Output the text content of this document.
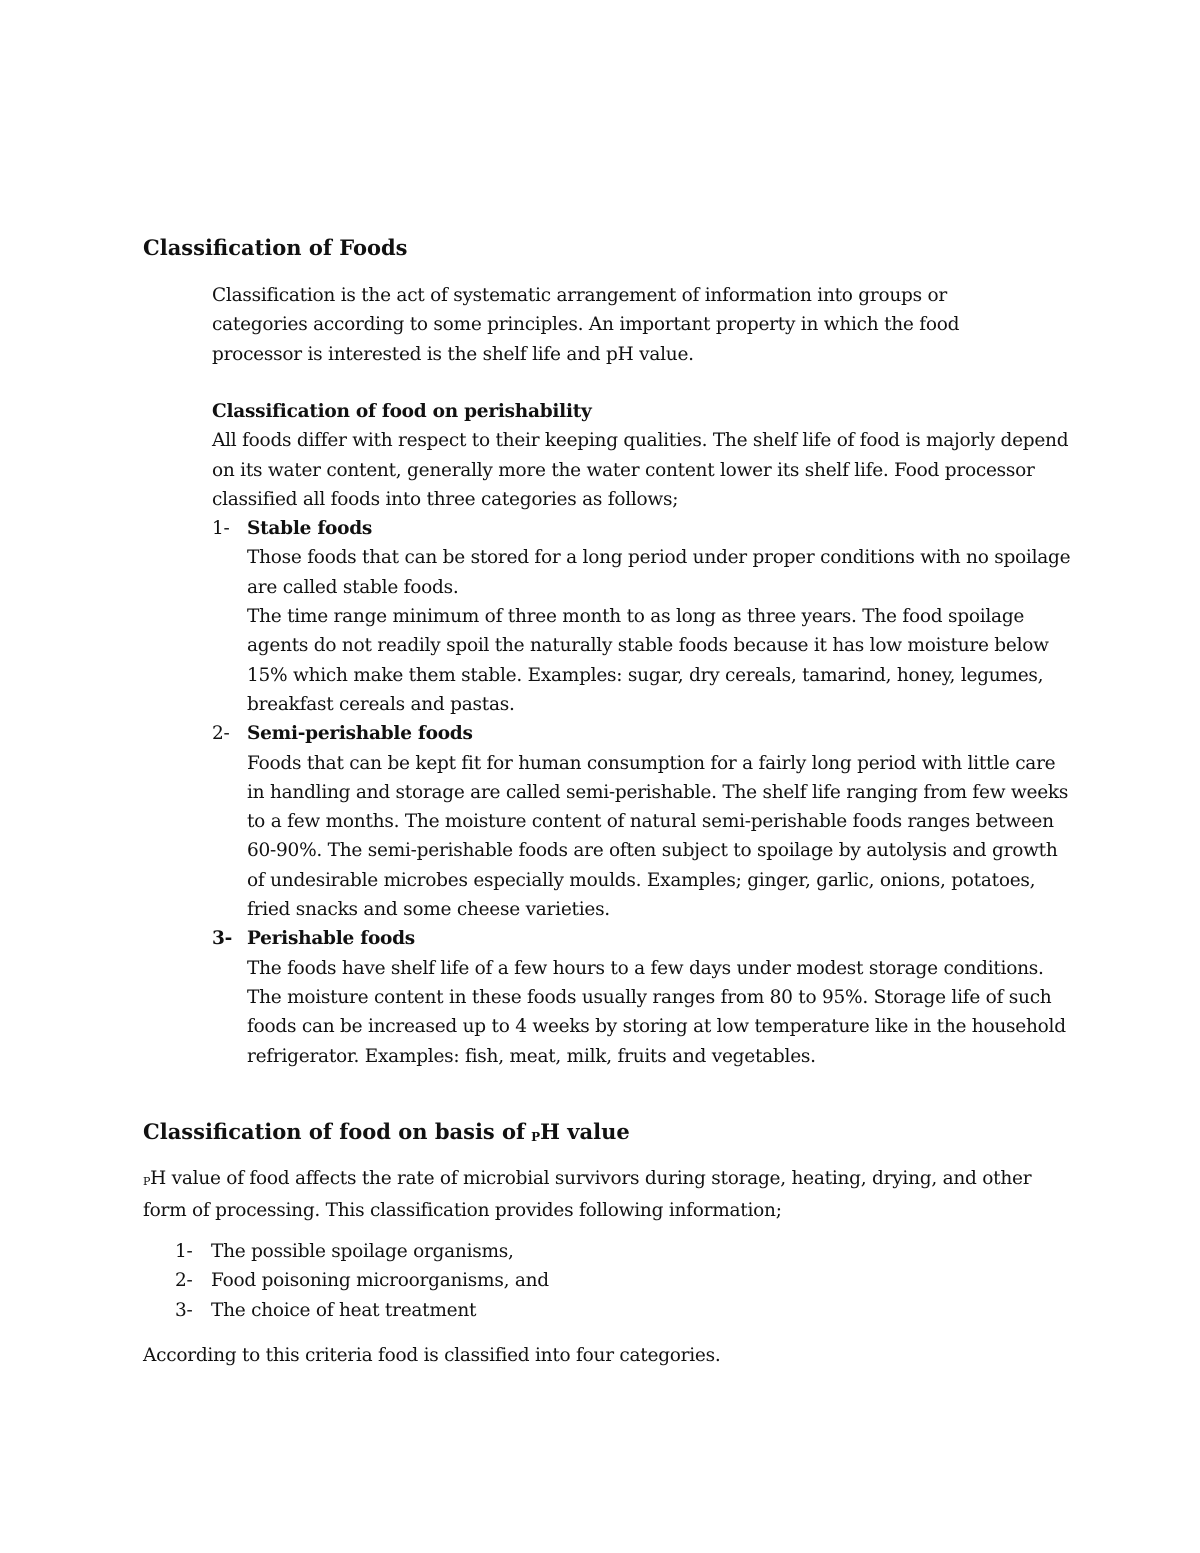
Classification of Foods
Classification is the act of systematic arrangement of information into groups or categories according to some principles. An important property in which the food processor is interested is the shelf life and pH value.
Classification of food on perishability
All foods differ with respect to their keeping qualities. The shelf life of food is majorly depend on its water content, generally more the water content lower its shelf life. Food processor classified all foods into three categories as follows;
1- Stable foods
Those foods that can be stored for a long period under proper conditions with no spoilage are called stable foods.
The time range minimum of three month to as long as three years. The food spoilage agents do not readily spoil the naturally stable foods because it has low moisture below 15% which make them stable. Examples: sugar, dry cereals, tamarind, honey, legumes, breakfast cereals and pastas.
2- Semi-perishable foods
Foods that can be kept fit for human consumption for a fairly long period with little care in handling and storage are called semi-perishable. The shelf life ranging from few weeks to a few months. The moisture content of natural semi-perishable foods ranges between 60-90%. The semi-perishable foods are often subject to spoilage by autolysis and growth of undesirable microbes especially moulds. Examples; ginger, garlic, onions, potatoes, fried snacks and some cheese varieties.
3- Perishable foods
The foods have shelf life of a few hours to a few days under modest storage conditions. The moisture content in these foods usually ranges from 80 to 95%. Storage life of such foods can be increased up to 4 weeks by storing at low temperature like in the household refrigerator. Examples: fish, meat, milk, fruits and vegetables.
Classification of food on basis of PH value
PH value of food affects the rate of microbial survivors during storage, heating, drying, and other form of processing. This classification provides following information;
1- The possible spoilage organisms,
2- Food poisoning microorganisms, and
3- The choice of heat treatment
According to this criteria food is classified into four categories.
